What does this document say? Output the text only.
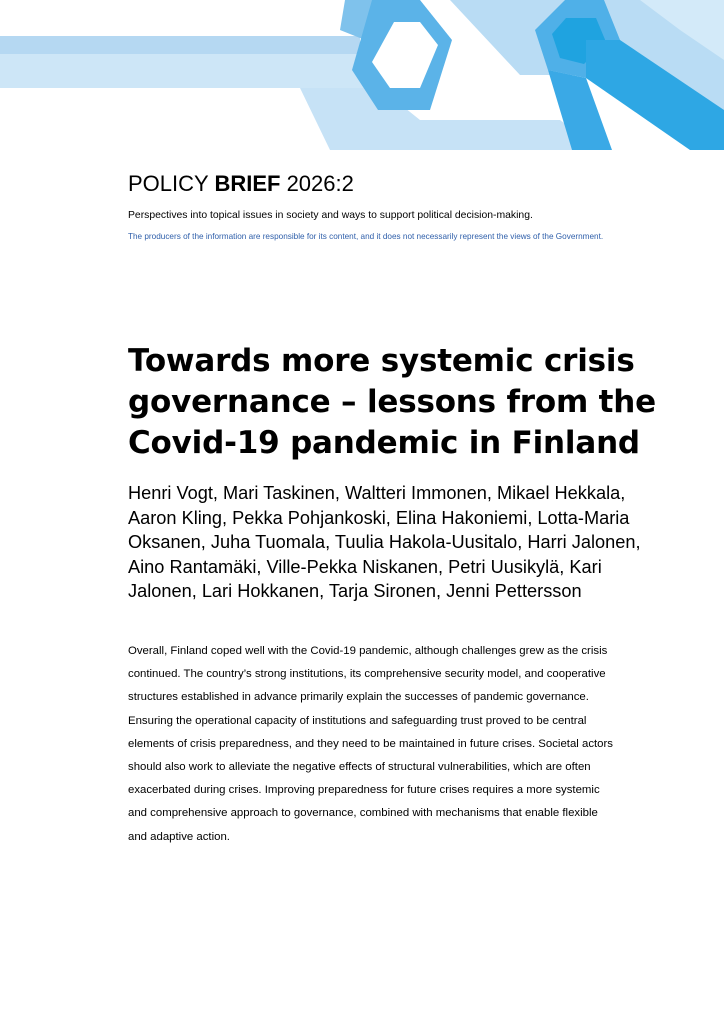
POLICY BRIEF 2026:2
Perspectives into topical issues in society and ways to support political decision-making.
The producers of the information are responsible for its content, and it does not necessarily represent the views of the Government.
Towards more systemic crisis
governance – lessons from the
Covid-19 pandemic in Finland
Henri Vogt, Mari Taskinen, Waltteri Immonen, Mikael Hekkala,
Aaron Kling, Pekka Pohjankoski, Elina Hakoniemi, Lotta-Maria
Oksanen, Juha Tuomala, Tuulia Hakola-Uusitalo, Harri Jalonen,
Aino Rantamäki, Ville-Pekka Niskanen, Petri Uusikylä, Kari
Jalonen, Lari Hokkanen, Tarja Sironen, Jenni Pettersson
Overall, Finland coped well with the Covid-19 pandemic, although challenges grew as the crisis
continued. The country’s strong institutions, its comprehensive security model, and cooperative
structures established in advance primarily explain the successes of pandemic governance.
Ensuring the operational capacity of institutions and safeguarding trust proved to be central
elements of crisis preparedness, and they need to be maintained in future crises. Societal actors
should also work to alleviate the negative effects of structural vulnerabilities, which are often
exacerbated during crises. Improving preparedness for future crises requires a more systemic
and comprehensive approach to governance, combined with mechanisms that enable flexible
and adaptive action.
